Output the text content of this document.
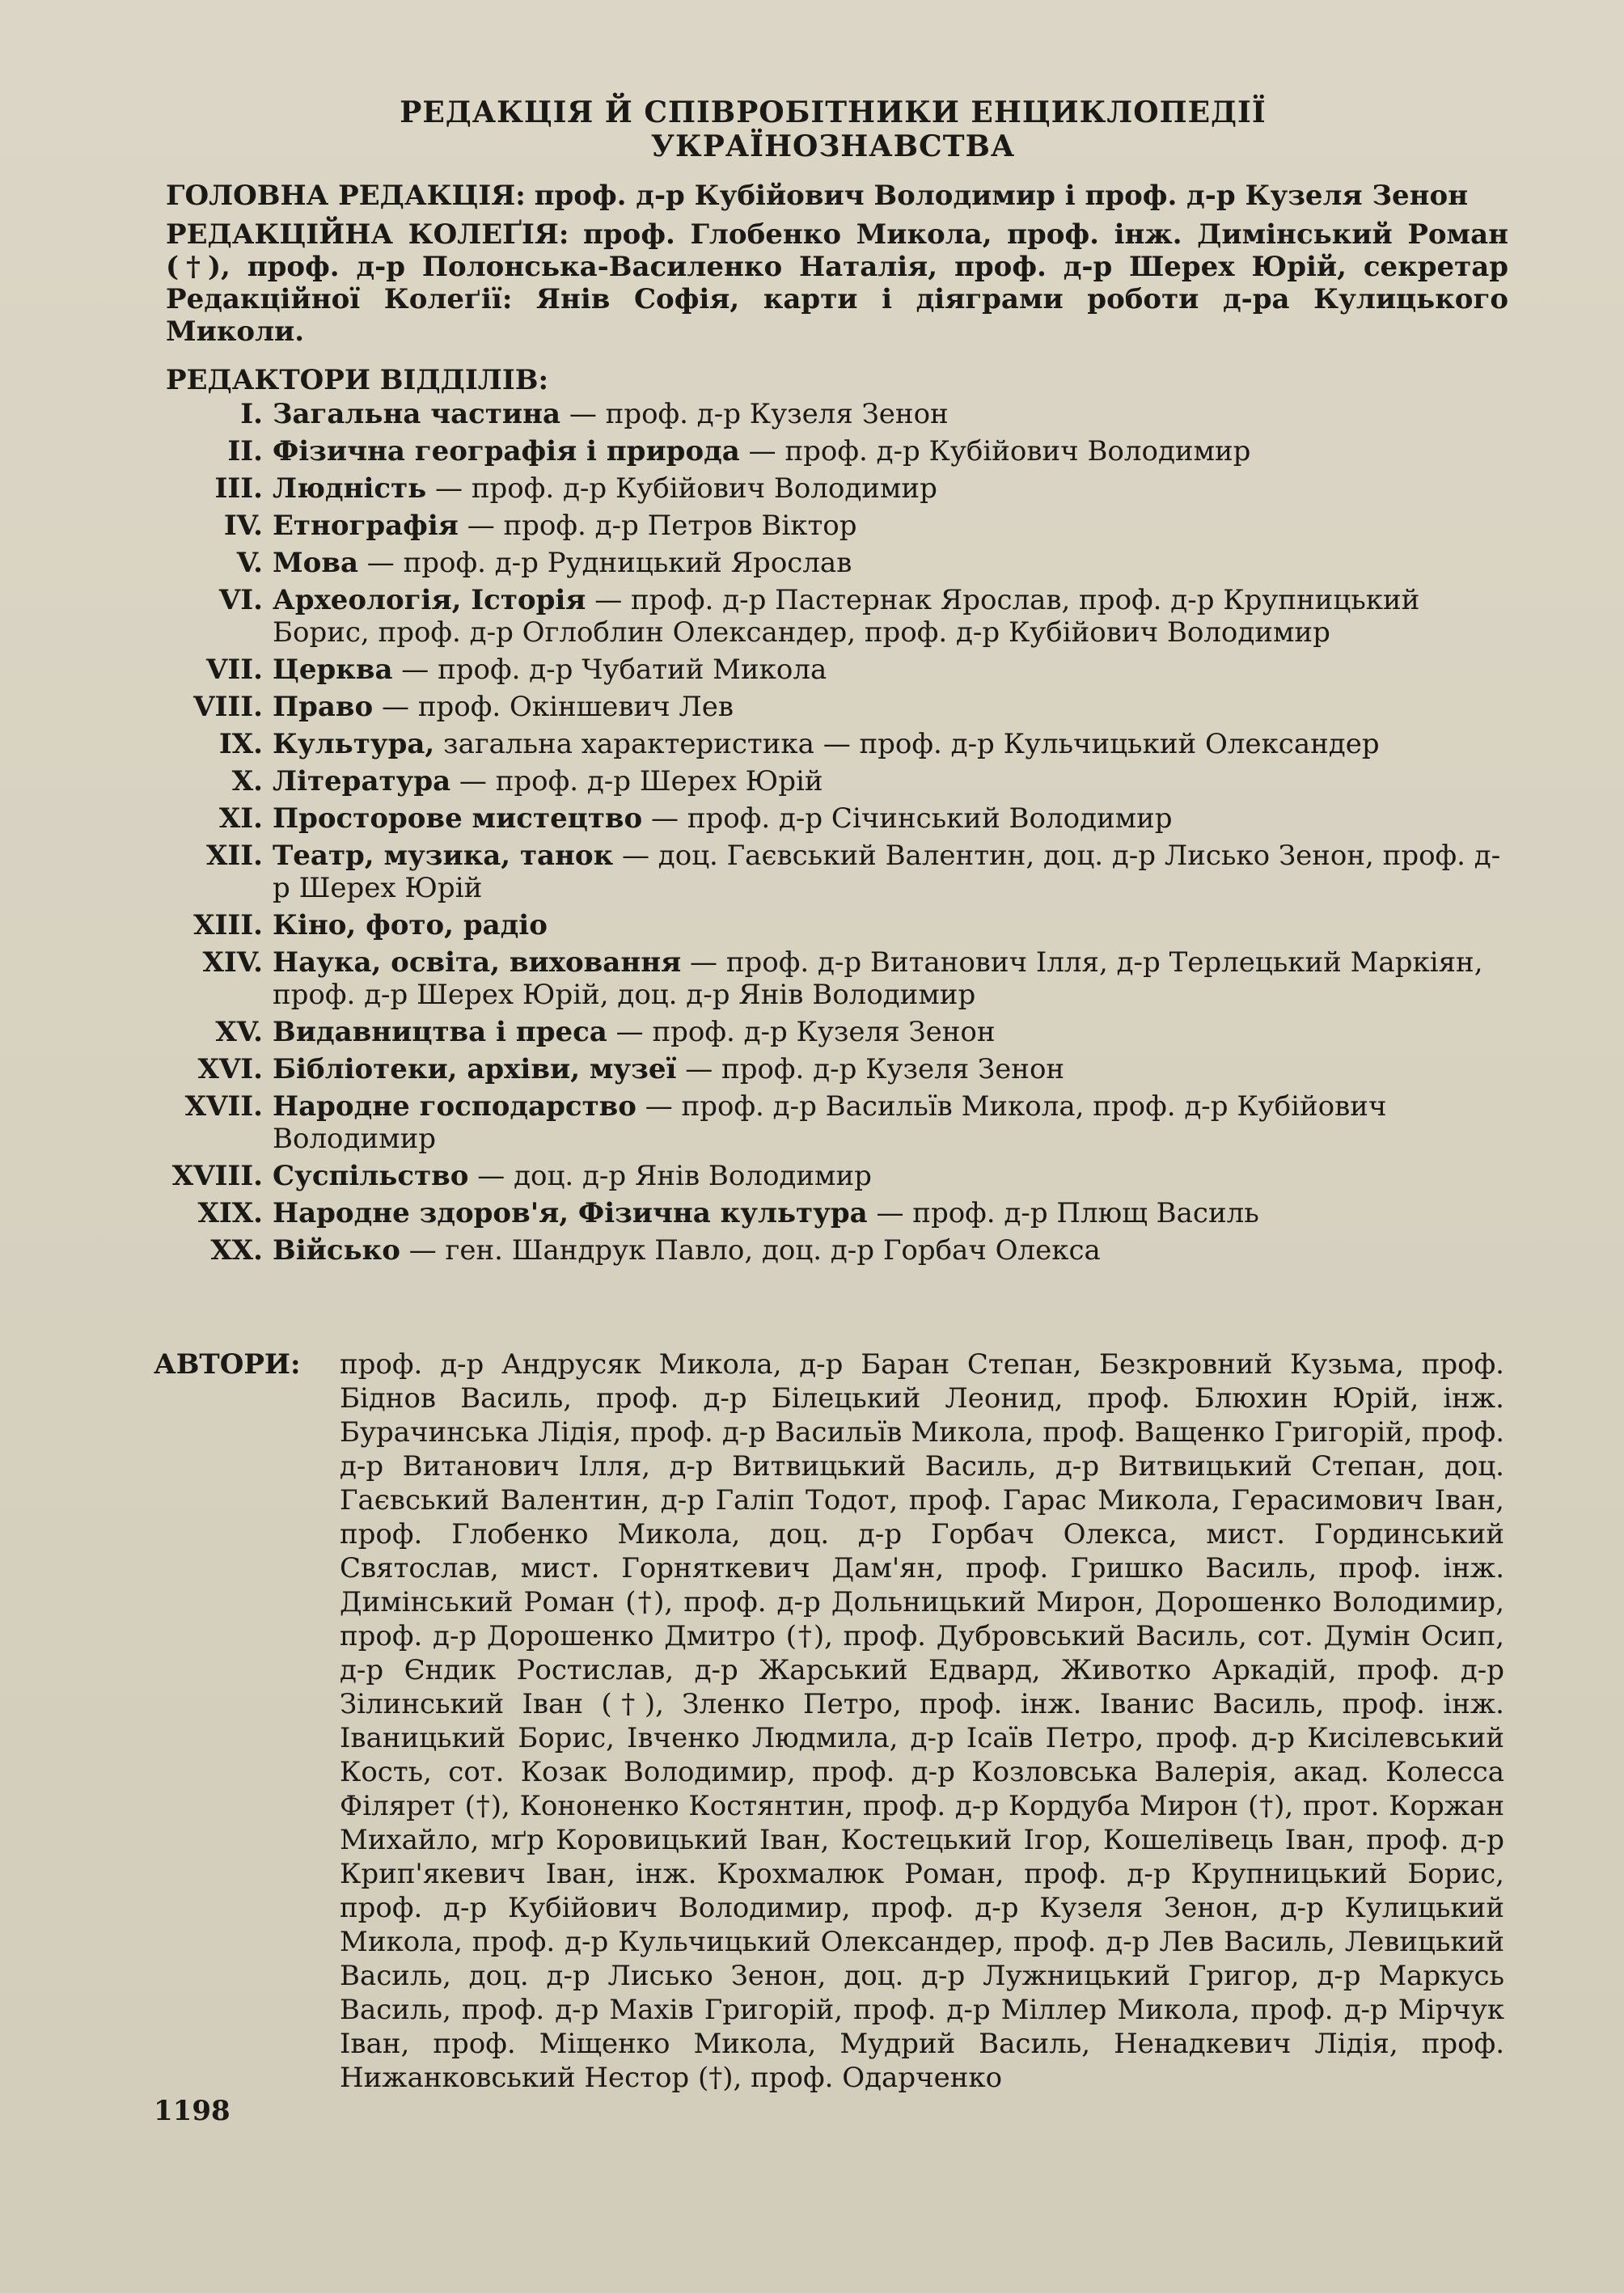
РЕДАКЦІЯ Й СПІВРОБІТНИКИ ЕНЦИКЛОПЕДІЇ УКРАЇНОЗНАВСТВА
ГОЛОВНА РЕДАКЦІЯ: проф. д-р Кубійович Володимир і проф. д-р Кузеля Зенон
РЕДАКЦІЙНА КОЛЕҐІЯ: проф. Глобенко Микола, проф. інж. Димінський Роман (†), проф. д-р Полонська-Василенко Наталія, проф. д-р Шерех Юрій, секретар Редакційної Колеґії: Янів Софія, карти і діяграми роботи д-ра Кулицького Миколи.
РЕДАКТОРИ ВІДДІЛІВ:
I. Загальна частина — проф. д-р Кузеля Зенон
II. Фізична географія і природа — проф. д-р Кубійович Володимир
III. Людність — проф. д-р Кубійович Володимир
IV. Етнографія — проф. д-р Петров Віктор
V. Мова — проф. д-р Рудницький Ярослав
VI. Археологія, Історія — проф. д-р Пастернак Ярослав, проф. д-р Крупницький Борис, проф. д-р Оглоблин Олександер, проф. д-р Кубійович Володимир
VII. Церква — проф. д-р Чубатий Микола
VIII. Право — проф. Окіншевич Лев
IX. Культура, загальна характеристика — проф. д-р Кульчицький Олександер
X. Література — проф. д-р Шерех Юрій
XI. Просторове мистецтво — проф. д-р Січинський Володимир
XII. Театр, музика, танок — доц. Гаєвський Валентин, доц. д-р Лисько Зенон, проф. д-р Шерех Юрій
XIII. Кіно, фото, радіо
XIV. Наука, освіта, виховання — проф. д-р Витанович Ілля, д-р Терлецький Маркіян, проф. д-р Шерех Юрій, доц. д-р Янів Володимир
XV. Видавництва і преса — проф. д-р Кузеля Зенон
XVI. Бібліотеки, архіви, музеї — проф. д-р Кузеля Зенон
XVII. Народне господарство — проф. д-р Васильїв Микола, проф. д-р Кубійович Володимир
XVIII. Суспільство — доц. д-р Янів Володимир
XIX. Народне здоров'я, Фізична культура — проф. д-р Плющ Василь
XX. Військо — ген. Шандрук Павло, доц. д-р Горбач Олекса
АВТОРИ:	проф. д-р Андрусяк Микола, д-р Баран Степан, Безкровний Кузьма, проф. Біднов Василь, проф. д-р Білецький Леонид, проф. Блюхин Юрій, інж. Бурачинська Лідія, проф. д-р Васильїв Микола, проф. Ващенко Григорій, проф. д-р Витанович Ілля, д-р Витвицький Василь, д-р Витвицький Степан, доц. Гаєвський Валентин, д-р Галіп Тодот, проф. Гарас Микола, Герасимович Іван, проф. Глобенко Микола, доц. д-р Горбач Олекса, мист. Гординський Святослав, мист. Горняткевич Дам'ян, проф. Гришко Василь, проф. інж. Димінський Роман (†), проф. д-р Дольницький Мирон, Дорошенко Володимир, проф. д-р Дорошенко Дмитро (†), проф. Дубровський Василь, сот. Думін Осип, д-р Єндик Ростислав, д-р Жарський Едвард, Животко Аркадій, проф. д-р Зілинський Іван (†), Зленко Петро, проф. інж. Іванис Василь, проф. інж. Іваницький Борис, Івченко Людмила, д-р Ісаїв Петро, проф. д-р Кисілевський Кость, сот. Козак Володимир, проф. д-р Козловська Валерія, акад. Колесса Філярет (†), Кононенко Костянтин, проф. д-р Кордуба Мирон (†), прот. Коржан Михайло, мґр Коровицький Іван, Костецький Ігор, Кошелівець Іван, проф. д-р Крип'якевич Іван, інж. Крохмалюк Роман, проф. д-р Крупницький Борис, проф. д-р Кубійович Володимир, проф. д-р Кузеля Зенон, д-р Кулицький Микола, проф. д-р Кульчицький Олександер, проф. д-р Лев Василь, Левицький Василь, доц. д-р Лисько Зенон, доц. д-р Лужницький Григор, д-р Маркусь Василь, проф. д-р Махів Григорій, проф. д-р Міллер Микола, проф. д-р Мірчук Іван, проф. Міщенко Микола, Мудрий Василь, Ненадкевич Лідія, проф. Нижанковський Нестор (†), проф. Одарченко
1198
